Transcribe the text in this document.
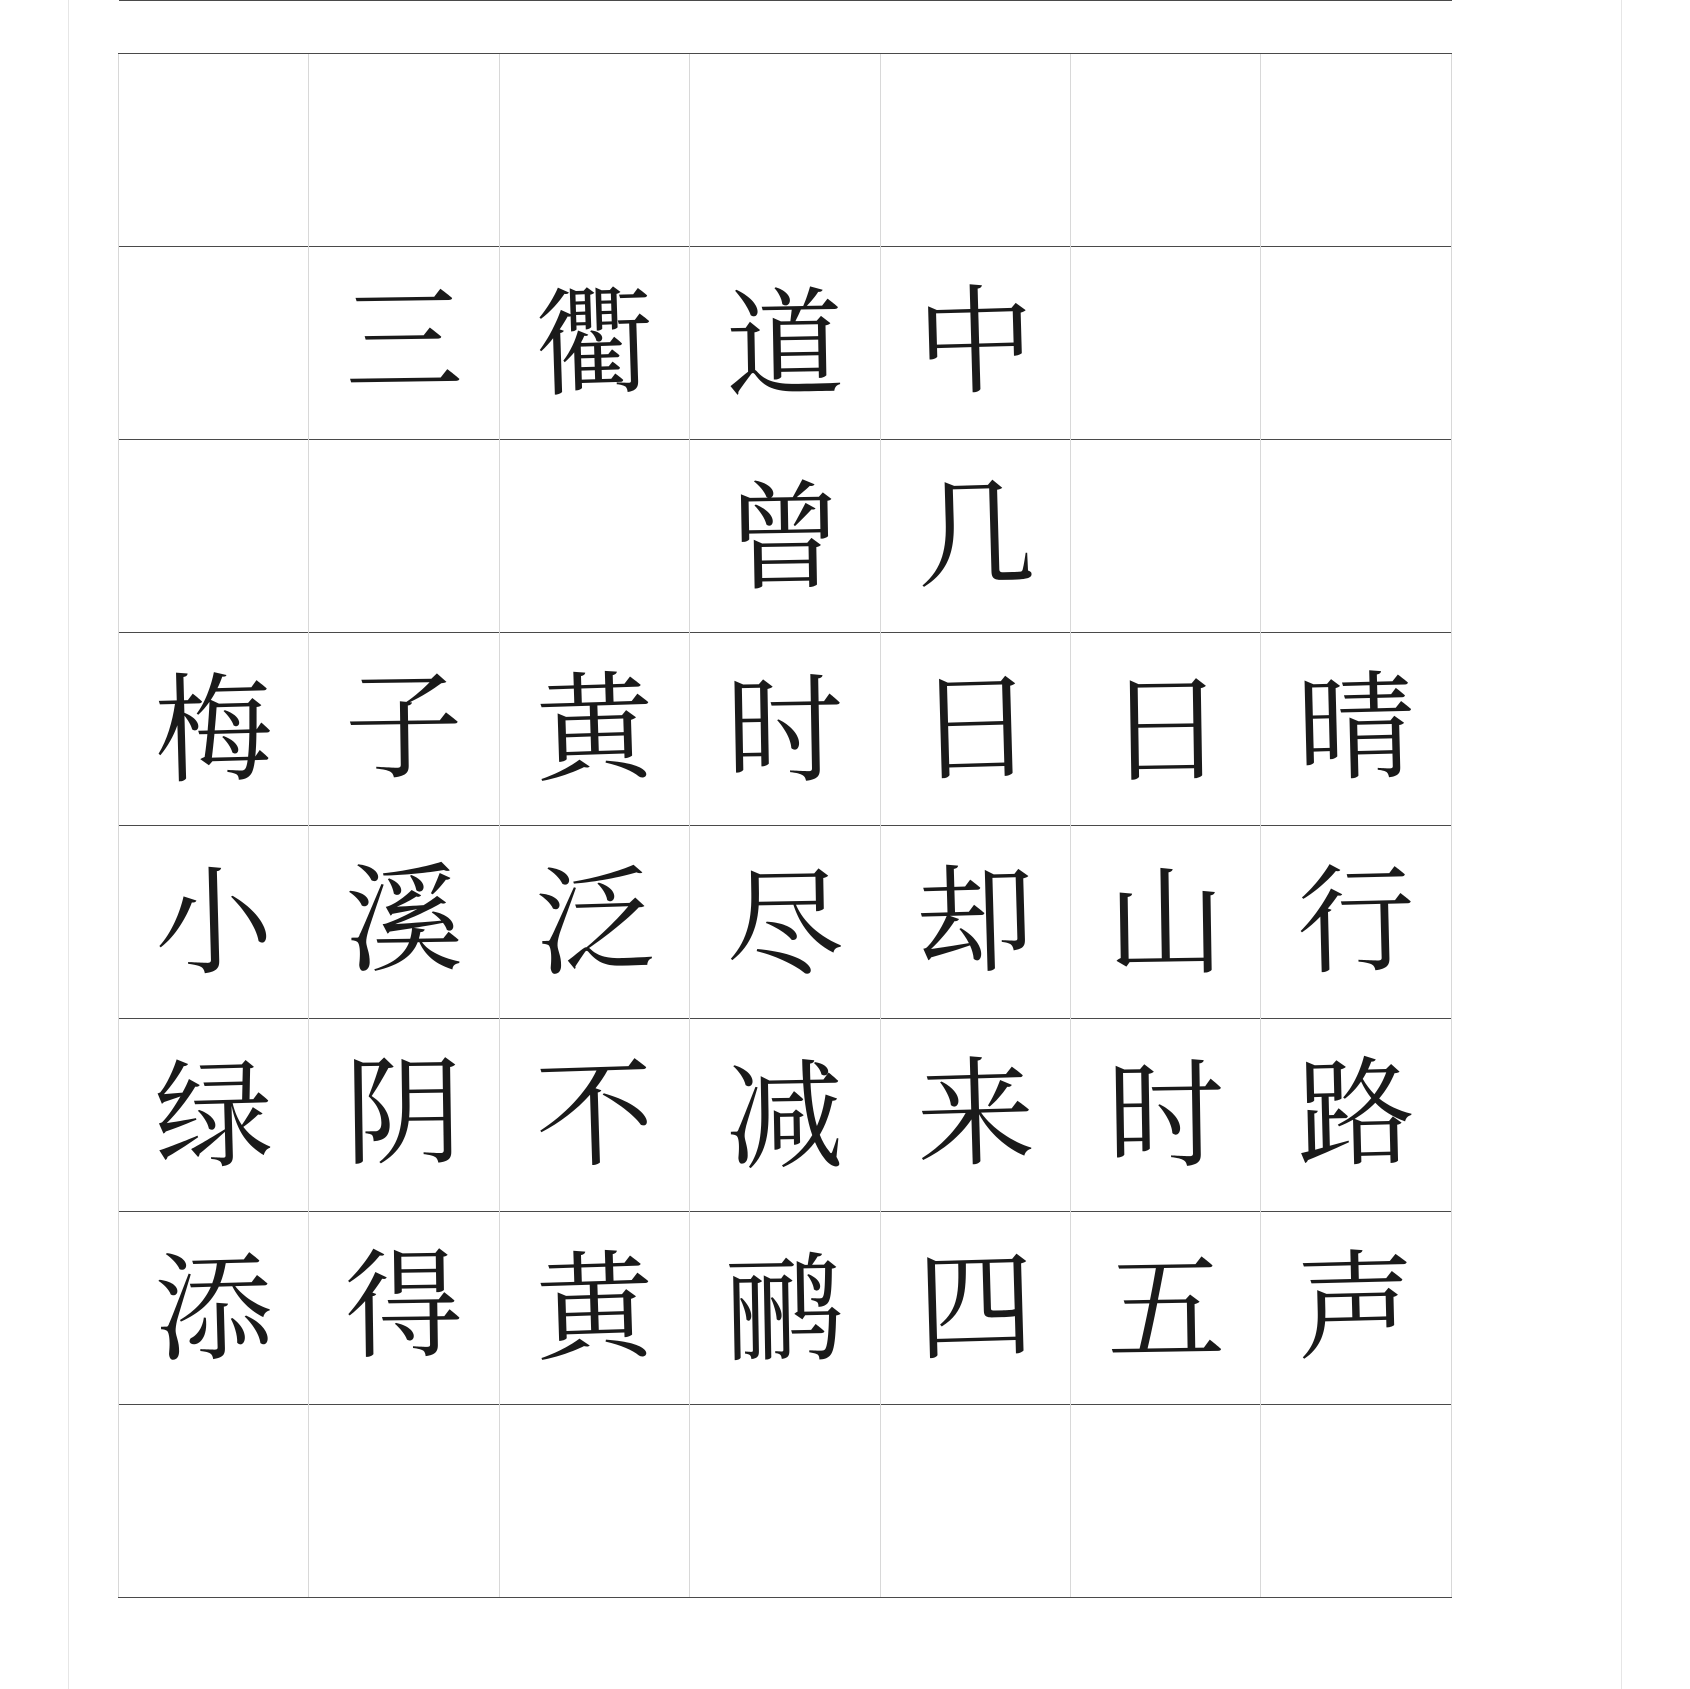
	三	衢	道	中		

			曾	几		

梅	子	黄	时	日	日	晴

小	溪	泛	尽	却	山	行

绿	阴	不	减	来	时	路

添	得	黄	鹂	四	五	声
